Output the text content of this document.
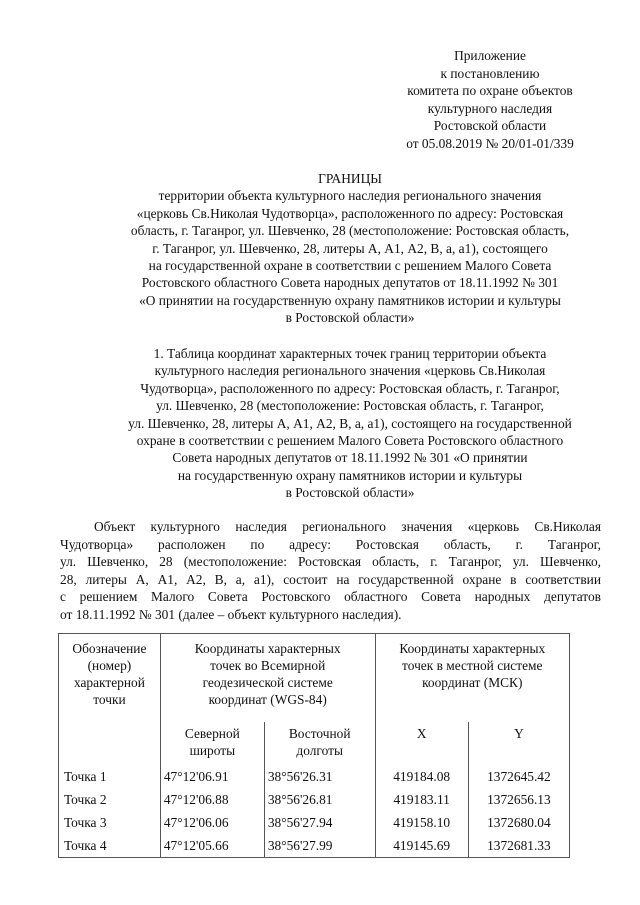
Приложение
к постановлению
комитета по охране объектов
культурного наследия
Ростовской области
от 05.08.2019 № 20/01-01/339
ГРАНИЦЫ
территории объекта культурного наследия регионального значения
«церковь Св.Николая Чудотворца», расположенного по адресу: Ростовская
область, г. Таганрог, ул. Шевченко, 28 (местоположение: Ростовская область,
г. Таганрог, ул. Шевченко, 28, литеры А, А1, А2, В, а, а1), состоящего
на государственной охране в соответствии с решением Малого Совета
Ростовского областного Совета народных депутатов от 18.11.1992 № 301
«О принятии на государственную охрану памятников истории и культуры
в Ростовской области»
1. Таблица координат характерных точек границ территории объекта
культурного наследия регионального значения «церковь Св.Николая
Чудотворца», расположенного по адресу: Ростовская область, г. Таганрог,
ул. Шевченко, 28 (местоположение: Ростовская область, г. Таганрог,
ул. Шевченко, 28, литеры А, А1, А2, В, а, а1), состоящего на государственной
охране в соответствии с решением Малого Совета Ростовского областного
Совета народных депутатов от 18.11.1992 № 301 «О принятии
на государственную охрану памятников истории и культуры
в Ростовской области»
Объект культурного наследия регионального значения «церковь Св.Николая
Чудотворца» расположен по адресу: Ростовская область, г. Таганрог,
ул. Шевченко, 28 (местоположение: Ростовская область, г. Таганрог, ул. Шевченко,
28, литеры А, А1, А2, В, а, а1), состоит на государственной охране в соответствии
с решением Малого Совета Ростовского областного Совета народных депутатов
от 18.11.1992 № 301 (далее – объект культурного наследия).
Обозначение (номер) характерной точки	Координаты характерных точек во Всемирной геодезической системе координат (WGS-84)		Координаты характерных точек в местной системе координат (МСК)	
	Северной широты	Восточной долготы	X	Y
Точка 1	47°12'06.91	38°56'26.31	419184.08	1372645.42
Точка 2	47°12'06.88	38°56'26.81	419183.11	1372656.13
Точка 3	47°12'06.06	38°56'27.94	419158.10	1372680.04
Точка 4	47°12'05.66	38°56'27.99	419145.69	1372681.33
